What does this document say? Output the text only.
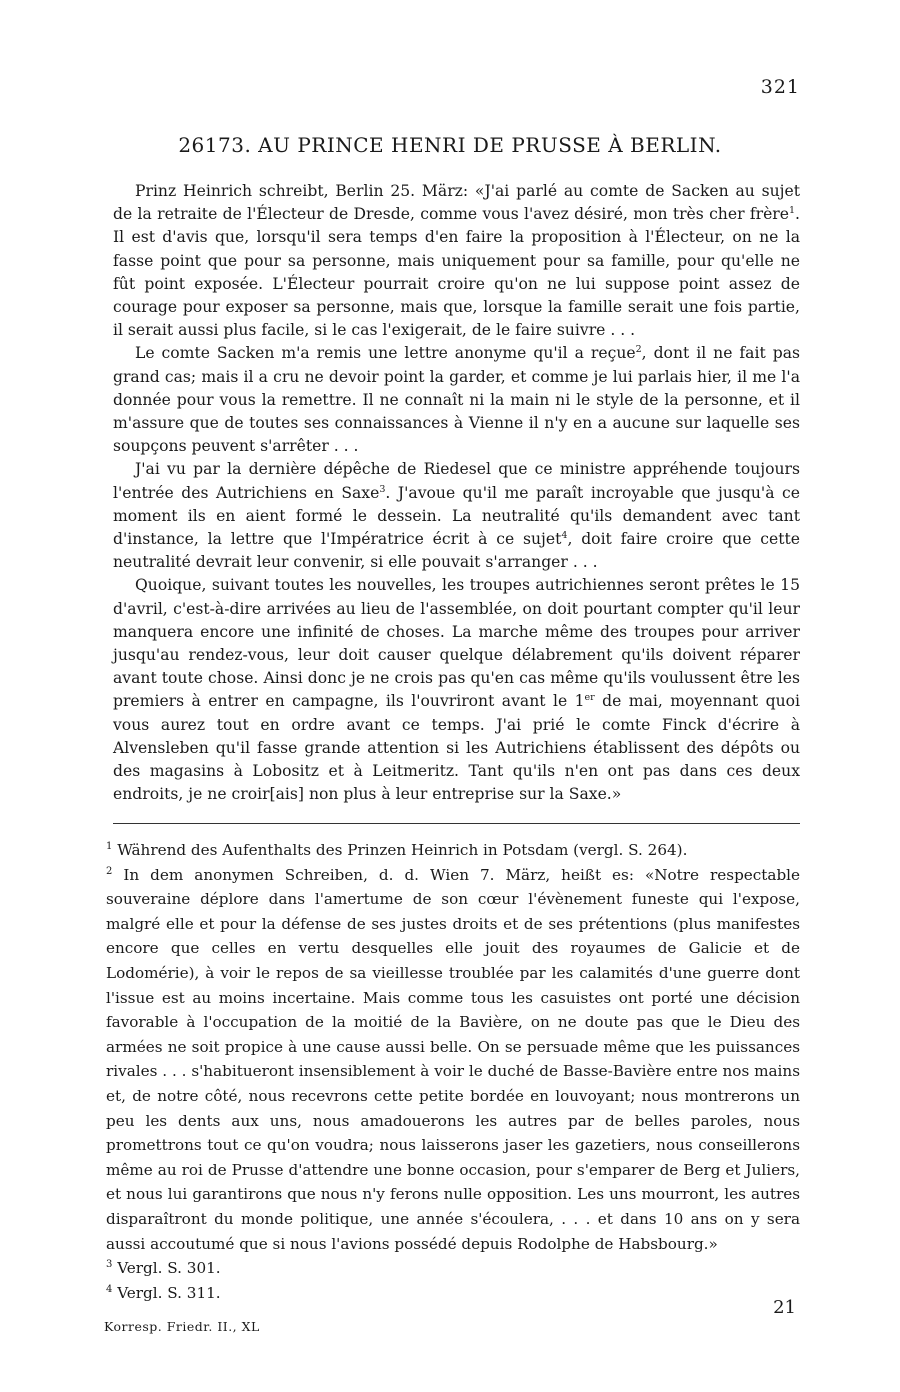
321
26173. AU PRINCE HENRI DE PRUSSE À BERLIN.

Prinz Heinrich schreibt, Berlin 25. März: «J'ai parlé au comte de Sacken au sujet de la retraite de l'Électeur de Dresde, comme vous l'avez désiré, mon très cher frère$^1$. Il est d'avis que, lorsqu'il sera temps d'en faire la proposition à l'Électeur, on ne la fasse point que pour sa personne, mais uniquement pour sa famille, pour qu'elle ne fût point exposée. L'Électeur pourrait croire qu'on ne lui suppose point assez de courage pour exposer sa personne, mais que, lorsque la famille serait une fois partie, il serait aussi plus facile, si le cas l'exigerait, de le faire suivre . . .

Le comte Sacken m'a remis une lettre anonyme qu'il a reçue$^2$, dont il ne fait pas grand cas; mais il a cru ne devoir point la garder, et comme je lui parlais hier, il me l'a donnée pour vous la remettre. Il ne connaît ni la main ni le style de la personne, et il m'assure que de toutes ses connaissances à Vienne il n'y en a aucune sur laquelle ses soupçons peuvent s'arrêter . . .

J'ai vu par la dernière dépêche de Riedesel que ce ministre appréhende toujours l'entrée des Autrichiens en Saxe$^3$. J'avoue qu'il me paraît incroyable que jusqu'à ce moment ils en aient formé le dessein. La neutralité qu'ils demandent avec tant d'instance, la lettre que l'Impératrice écrit à ce sujet$^4$, doit faire croire que cette neutralité devrait leur convenir, si elle pouvait s'arranger . . .

Quoique, suivant toutes les nouvelles, les troupes autrichiennes seront prêtes le 15 d'avril, c'est-à-dire arrivées au lieu de l'assemblée, on doit pourtant compter qu'il leur manquera encore une infinité de choses. La marche même des troupes pour arriver jusqu'au rendez-vous, leur doit causer quelque délabrement qu'ils doivent réparer avant toute chose. Ainsi donc je ne crois pas qu'en cas même qu'ils voulussent être les premiers à entrer en campagne, ils l'ouvriront avant le 1er de mai, moyennant quoi vous aurez tout en ordre avant ce temps. J'ai prié le comte Finck d'écrire à Alvensleben qu'il fasse grande attention si les Autrichiens établissent des dépôts ou des magasins à Lobositz et à Leitmeritz. Tant qu'ils n'en ont pas dans ces deux endroits, je ne croir[ais] non plus à leur entreprise sur la Saxe.»

$^1$ Während des Aufenthalts des Prinzen Heinrich in Potsdam (vergl. S. 264).

$^2$ In dem anonymen Schreiben, d. d. Wien 7. März, heißt es: «Notre respectable souveraine déplore dans l'amertume de son cœur l'évènement funeste qui l'expose, malgré elle et pour la défense de ses justes droits et de ses prétentions (plus manifestes encore que celles en vertu desquelles elle jouit des royaumes de Galicie et de Lodomérie), à voir le repos de sa vieillesse troublée par les calamités d'une guerre dont l'issue est au moins incertaine. Mais comme tous les casuistes ont porté une décision favorable à l'occupation de la moitié de la Bavière, on ne doute pas que le Dieu des armées ne soit propice à une cause aussi belle. On se persuade même que les puissances rivales . . . s'habitueront insensiblement à voir le duché de Basse-Bavière entre nos mains et, de notre côté, nous recevrons cette petite bordée en louvoyant; nous montrerons un peu les dents aux uns, nous amadouerons les autres par de belles paroles, nous promettrons tout ce qu'on voudra; nous laisserons jaser les gazetiers, nous conseillerons même au roi de Prusse d'attendre une bonne occasion, pour s'emparer de Berg et Juliers, et nous lui garantirons que nous n'y ferons nulle opposition. Les uns mourront, les autres disparaîtront du monde politique, une année s'écoulera, . . . et dans 10 ans on y sera aussi accoutumé que si nous l'avions possédé depuis Rodolphe de Habsbourg.»

$^3$ Vergl. S. 301.

$^4$ Vergl. S. 311.

Korresp. Friedr. II., XL
21
